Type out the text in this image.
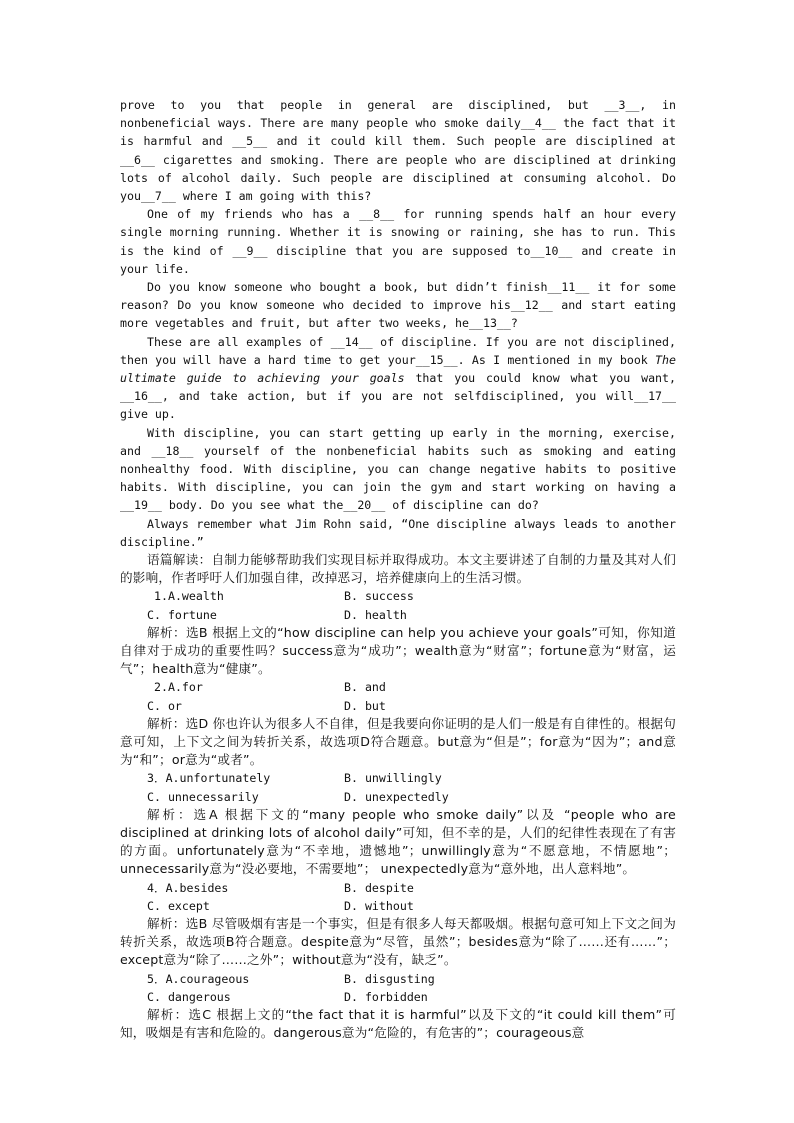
prove to you that people in general are disciplined, but __3__, in nonbeneficial ways. There are many people who smoke daily__4__ the fact that it is harmful and __5__ and it could kill them. Such people are disciplined at __6__ cigarettes and smoking. There are people who are disciplined at drinking lots of alcohol daily. Such people are disciplined at consuming alcohol. Do you__7__ where I am going with this?

One of my friends who has a __8__ for running spends half an hour every single morning running. Whether it is snowing or raining, she has to run. This is the kind of __9__ discipline that you are supposed to__10__ and create in your life.

Do you know someone who bought a book, but didn’t finish__11__ it for some reason? Do you know someone who decided to improve his__12__ and start eating more vegetables and fruit, but after two weeks, he__13__?

These are all examples of __14__ of discipline. If you are not disciplined, then you will have a hard time to get your__15__. As I mentioned in my book The ultimate guide to achieving your goals that you could know what you want, __16__, and take action, but if you are not selfdisciplined, you will__17__ give up.

With discipline, you can start getting up early in the morning, exercise, and __18__ yourself of the nonbeneficial habits such as smoking and eating nonhealthy food. With discipline, you can change negative habits to positive habits. With discipline, you can join the gym and start working on having a __19__ body. Do you see what the__20__ of discipline can do?

Always remember what Jim Rohn said, “One discipline always leads to another discipline.”

语篇解读：自制力能够帮助我们实现目标并取得成功。本文主要讲述了自制的力量及其对人们的影响，作者呼吁人们加强自律，改掉恶习，培养健康向上的生活习惯。

1.A.wealth	B. success
C. fortune	D. health

解析：选B 根据上文的“how discipline can help you achieve your goals”可知，你知道自律对于成功的重要性吗？success意为“成功”；wealth意为“财富”；fortune意为“财富，运气”；health意为“健康”。

2.A.for	B. and
C. or	D. but

解析：选D 你也许认为很多人不自律，但是我要向你证明的是人们一般是有自律性的。根据句意可知，上下文之间为转折关系，故选项D符合题意。but意为“但是”；for意为“因为”；and意为“和”；or意为“或者”。

3．A.unfortunately	B. unwillingly
C. unnecessarily	D. unexpectedly

解析：选A 根据下文的“many people who smoke daily”以及 “people who are disciplined at drinking lots of alcohol daily”可知，但不幸的是，人们的纪律性表现在了有害的方面。unfortunately意为“不幸地，遗憾地”；unwillingly意为“不愿意地，不情愿地”；unnecessarily意为“没必要地，不需要地”； unexpectedly意为“意外地，出人意料地”。

4．A.besides	B. despite
C. except	D. without

解析：选B 尽管吸烟有害是一个事实，但是有很多人每天都吸烟。根据句意可知上下文之间为转折关系，故选项B符合题意。despite意为“尽管，虽然”；besides意为“除了……还有……”；except意为“除了……之外”；without意为“没有，缺乏”。

5．A.courageous	B. disgusting
C. dangerous	D. forbidden

解析：选C 根据上文的“the fact that it is harmful”以及下文的“it could kill them”可知，吸烟是有害和危险的。dangerous意为“危险的，有危害的”；courageous意
